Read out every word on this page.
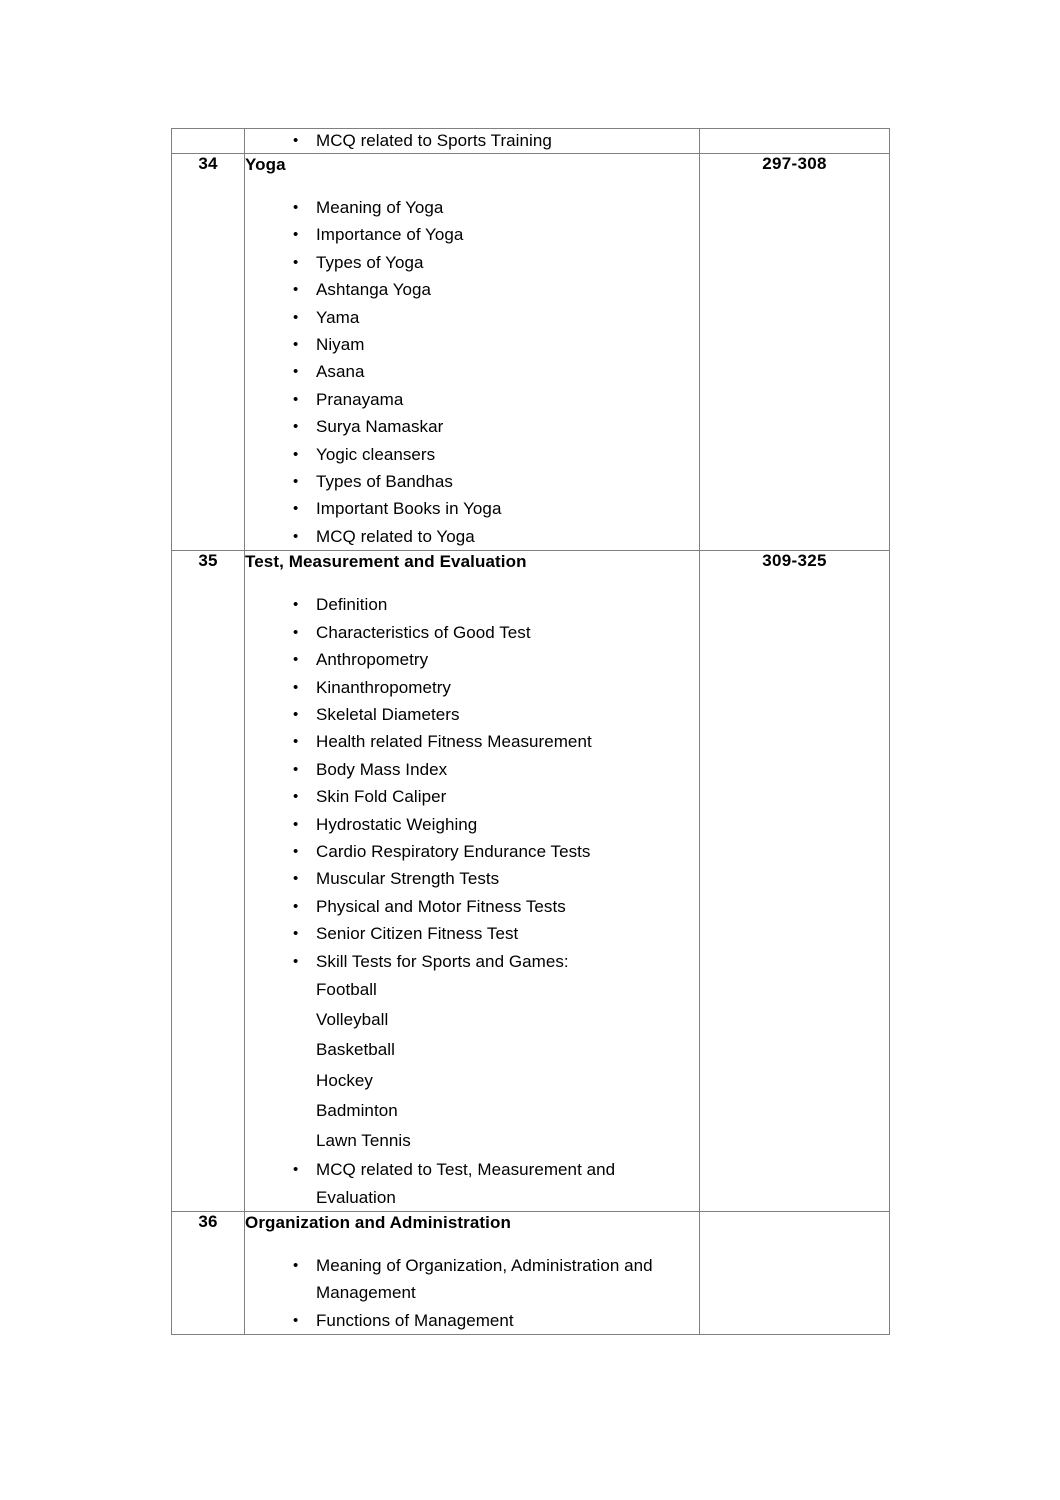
• MCQ related to Sports Training

34	Yoga
• Meaning of Yoga
• Importance of Yoga
• Types of Yoga
• Ashtanga Yoga
• Yama
• Niyam
• Asana
• Pranayama
• Surya Namaskar
• Yogic cleansers
• Types of Bandhas
• Important Books in Yoga
• MCQ related to Yoga
	297-308
35	Test, Measurement and Evaluation
• Definition
• Characteristics of Good Test
• Anthropometry
• Kinanthropometry
• Skeletal Diameters
• Health related Fitness Measurement
• Body Mass Index
• Skin Fold Caliper
• Hydrostatic Weighing
• Cardio Respiratory Endurance Tests
• Muscular Strength Tests
• Physical and Motor Fitness Tests
• Senior Citizen Fitness Test
• Skill Tests for Sports and Games:
Football
Volleyball
Basketball
Hockey
Badminton
Lawn Tennis
• MCQ related to Test, Measurement and Evaluation
	309-325
36	Organization and Administration
• Meaning of Organization, Administration and Management
• Functions of Management
